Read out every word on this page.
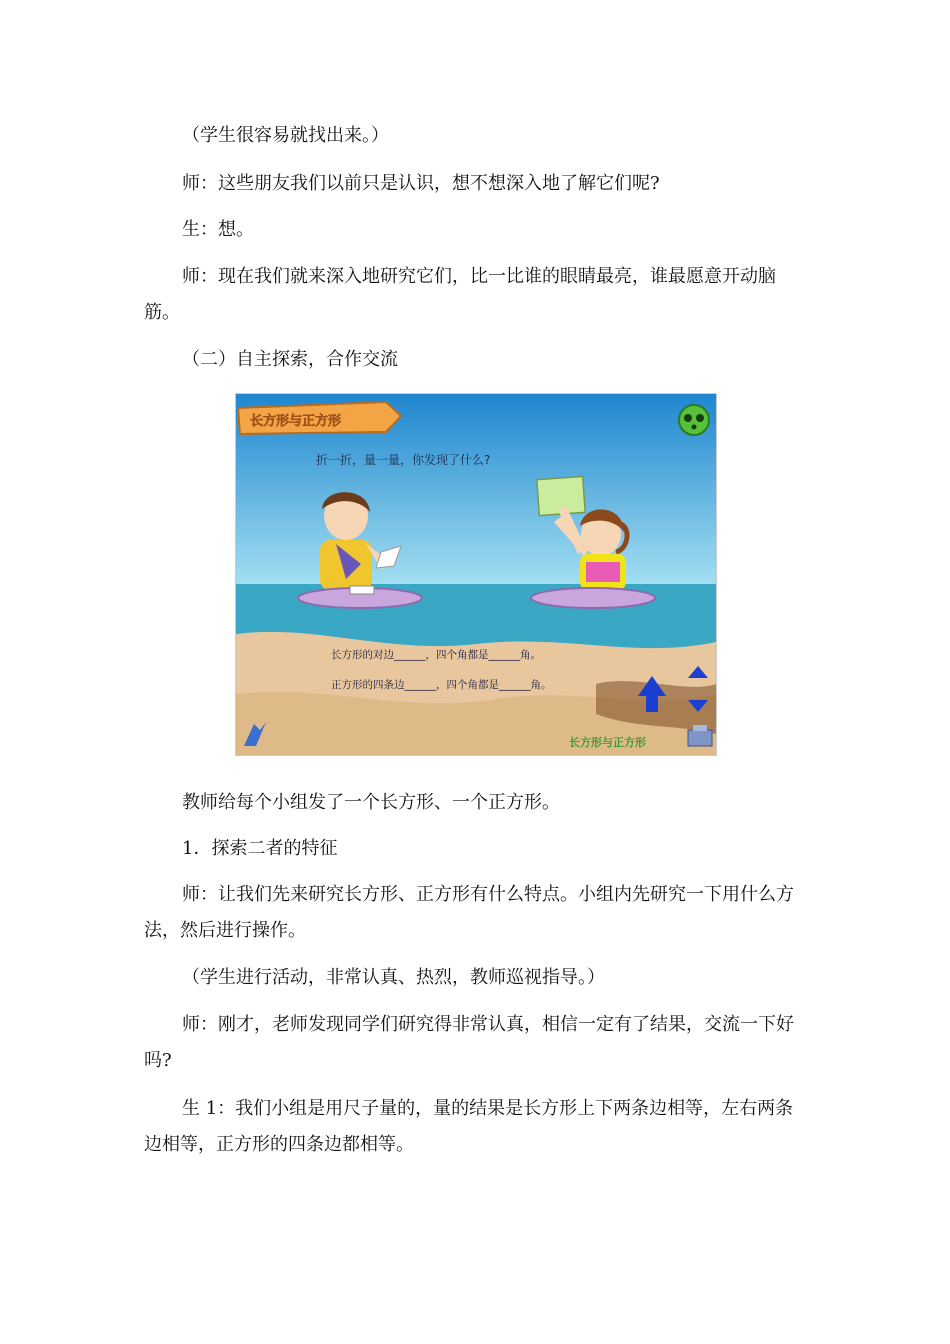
（学生很容易就找出来。）

师：这些朋友我们以前只是认识，想不想深入地了解它们呢?

生：想。

师：现在我们就来深入地研究它们，比一比谁的眼睛最亮，谁最愿意开动脑筋。

（二）自主探索，合作交流

长方形与正方形
折一折，量一量，你发现了什么?
长方形的对边______，四个角都是______角。
正方形的四条边______，四个角都是______角。
长方形与正方形

教师给每个小组发了一个长方形、一个正方形。

1．探索二者的特征

师：让我们先来研究长方形、正方形有什么特点。小组内先研究一下用什么方法，然后进行操作。

（学生进行活动，非常认真、热烈，教师巡视指导。）

师：刚才，老师发现同学们研究得非常认真，相信一定有了结果，交流一下好吗?

生 1：我们小组是用尺子量的，量的结果是长方形上下两条边相等，左右两条边相等，正方形的四条边都相等。
